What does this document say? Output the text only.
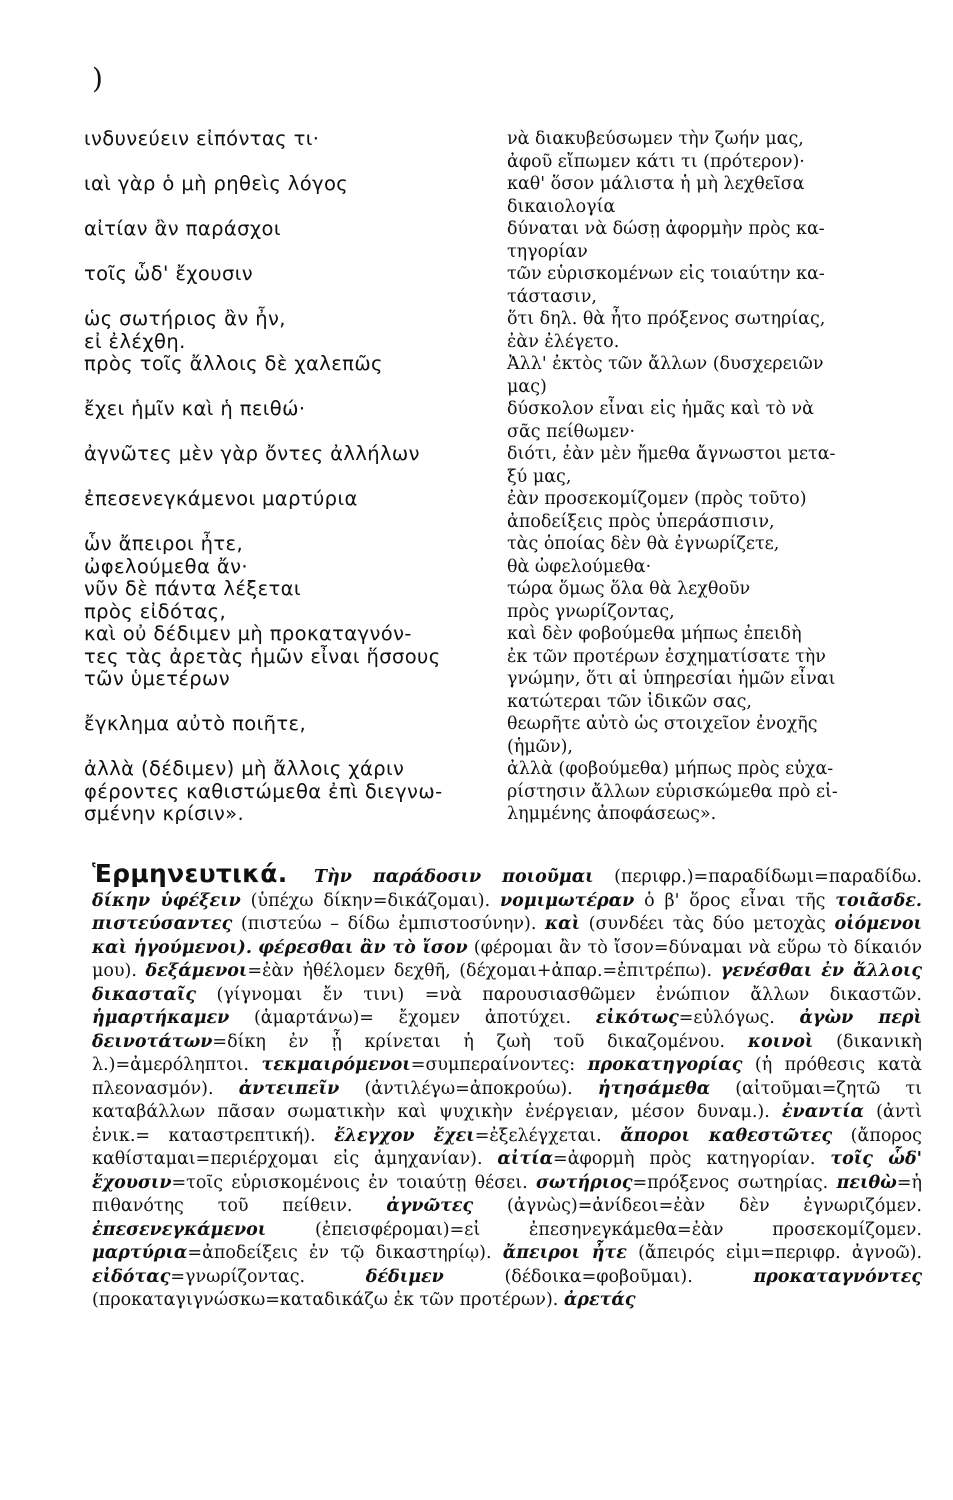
)
ινδυνεύειν εἰπόντας τι·
ιαὶ γὰρ ὁ μὴ ρηθεὶς λόγος
αἰτίαν ἂν παράσχοι
τοῖς ὧδ' ἔχουσιν
ὡς σωτήριος ἂν ἦν,
εἰ ἐλέχθη.
πρὸς τοῖς ἄλλοις δὲ χαλεπῶς
ἔχει ἡμῖν καὶ ἡ πειθώ·
ἀγνῶτες μὲν γὰρ ὄντες ἀλλήλων
ἐπεσενεγκάμενοι μαρτύρια
ὧν ἄπειροι ἦτε,
ὠφελούμεθα ἄν·
νῦν δὲ πάντα λέξεται
πρὸς εἰδότας,
καὶ οὐ δέδιμεν μὴ προκαταγνόν-
τες τὰς ἀρετὰς ἡμῶν εἶναι ἥσσους
τῶν ὑμετέρων
ἔγκλημα αὐτὸ ποιῆτε,
ἀλλὰ (δέδιμεν) μὴ ἄλλοις χάριν
φέροντες καθιστώμεθα ἐπὶ διεγνω-
σμένην κρίσιν».
νὰ διακυβεύσωμεν τὴν ζωήν μας,
ἀφοῦ εἴπωμεν κάτι τι (πρότερον)·
καθ' ὅσον μάλιστα ἡ μὴ λεχθεῖσα
δικαιολογία
δύναται νὰ δώσῃ ἀφορμὴν πρὸς κα-
τηγορίαν
τῶν εὑρισκομένων εἰς τοιαύτην κα-
τάστασιν,
ὅτι δηλ. θὰ ἦτο πρόξενος σωτηρίας,
ἐὰν ἐλέγετο.
Ἀλλ' ἐκτὸς τῶν ἄλλων (δυσχερειῶν
μας)
δύσκολον εἶναι εἰς ἡμᾶς καὶ τὸ νὰ
σᾶς πείθωμεν·
διότι, ἐὰν μὲν ἤμεθα ἄγνωστοι μετα-
ξύ μας,
ἐὰν προσεκομίζομεν (πρὸς τοῦτο)
ἀποδείξεις πρὸς ὑπεράσπισιν,
τὰς ὁποίας δὲν θὰ ἐγνωρίζετε,
θὰ ὠφελούμεθα·
τώρα ὅμως ὅλα θὰ λεχθοῦν
πρὸς γνωρίζοντας,
καὶ δὲν φοβούμεθα μήπως ἐπειδὴ
ἐκ τῶν προτέρων ἐσχηματίσατε τὴν
γνώμην, ὅτι αἱ ὑπηρεσίαι ἡμῶν εἶναι
κατώτεραι τῶν ἰδικῶν σας,
θεωρῆτε αὐτὸ ὡς στοιχεῖον ἐνοχῆς
(ἡμῶν),
ἀλλὰ (φοβούμεθα) μήπως πρὸς εὐχα-
ρίστησιν ἄλλων εὑρισκώμεθα πρὸ εἰ-
λημμένης ἀποφάσεως».
Ἑρμηνευτικά. Τὴν παράδοσιν ποιοῦμαι (περιφρ.)=παραδίδωμι=παραδίδω. δίκην ὑφέξειν (ὑπέχω δίκην=δικάζομαι). νομιμωτέραν ὁ β' ὅρος εἶναι τῆς τοιᾶσδε. πιστεύσαντες (πιστεύω – δίδω ἐμπιστοσύνην). καὶ (συνδέει τὰς δύο μετοχὰς οἰόμενοι καὶ ἡγούμενοι). φέρεσθαι ἂν τὸ ἴσον (φέρομαι ἂν τὸ ἴσον=δύναμαι νὰ εὕρω τὸ δίκαιόν μου). δεξάμενοι=ἐὰν ἠθέλομεν δεχθῆ, (δέχομαι+ἀπαρ.=ἐπιτρέπω). γενέσθαι ἐν ἄλλοις δικασταῖς (γίγνομαι ἔν τινι) =νὰ παρουσιασθῶμεν ἐνώπιον ἄλλων δικαστῶν. ἡμαρτήκαμεν (ἁμαρτάνω)= ἔχομεν ἀποτύχει. εἰκότως=εὐλόγως. ἀγὼν περὶ δεινοτάτων=δίκη ἐν ᾗ κρίνεται ἡ ζωὴ τοῦ δικαζομένου. κοινοὶ (δικανικὴ λ.)=ἀμερόληπτοι. τεκμαιρόμενοι=συμπεραίνοντες: προκατηγορίας (ἡ πρόθεσις κατὰ πλεονασμόν). ἀντειπεῖν (ἀντιλέγω=ἀποκρούω). ἡτησάμεθα (αἰτοῦμαι=ζητῶ τι καταβάλλων πᾶσαν σωματικὴν καὶ ψυχικὴν ἐνέργειαν, μέσον δυναμ.). ἐναντία (ἀντὶ ἐνικ.= καταστρεπτική). ἔλεγχον ἔχει=ἐξελέγχεται. ἄποροι καθεστῶτες (ἄπορος καθίσταμαι=περιέρχομαι εἰς ἀμηχανίαν). αἰτία=ἀφορμὴ πρὸς κατηγορίαν. τοῖς ὧδ' ἔχουσιν=τοῖς εὑρισκομένοις ἐν τοιαύτῃ θέσει. σωτήριος=πρόξενος σωτηρίας. πειθὼ=ἡ πιθανότης τοῦ πείθειν. ἀγνῶτες (ἀγνὼς)=ἀνίδεοι=ἐὰν δὲν ἐγνωριζόμεν. ἐπεσενεγκάμενοι (ἐπεισφέρομαι)=εἰ ἐπεσηνεγκάμεθα=ἐὰν προσεκομίζομεν. μαρτύρια=ἀποδείξεις ἐν τῷ δικαστηρίῳ). ἄπειροι ἦτε (ἄπειρός εἰμι=περιφρ. ἀγνοῶ). εἰδότας=γνωρίζοντας. δέδιμεν (δέδοικα=φοβοῦμαι). προκαταγνόντες (προκαταγιγνώσκω=καταδικάζω ἐκ τῶν προτέρων). ἀρετάς
